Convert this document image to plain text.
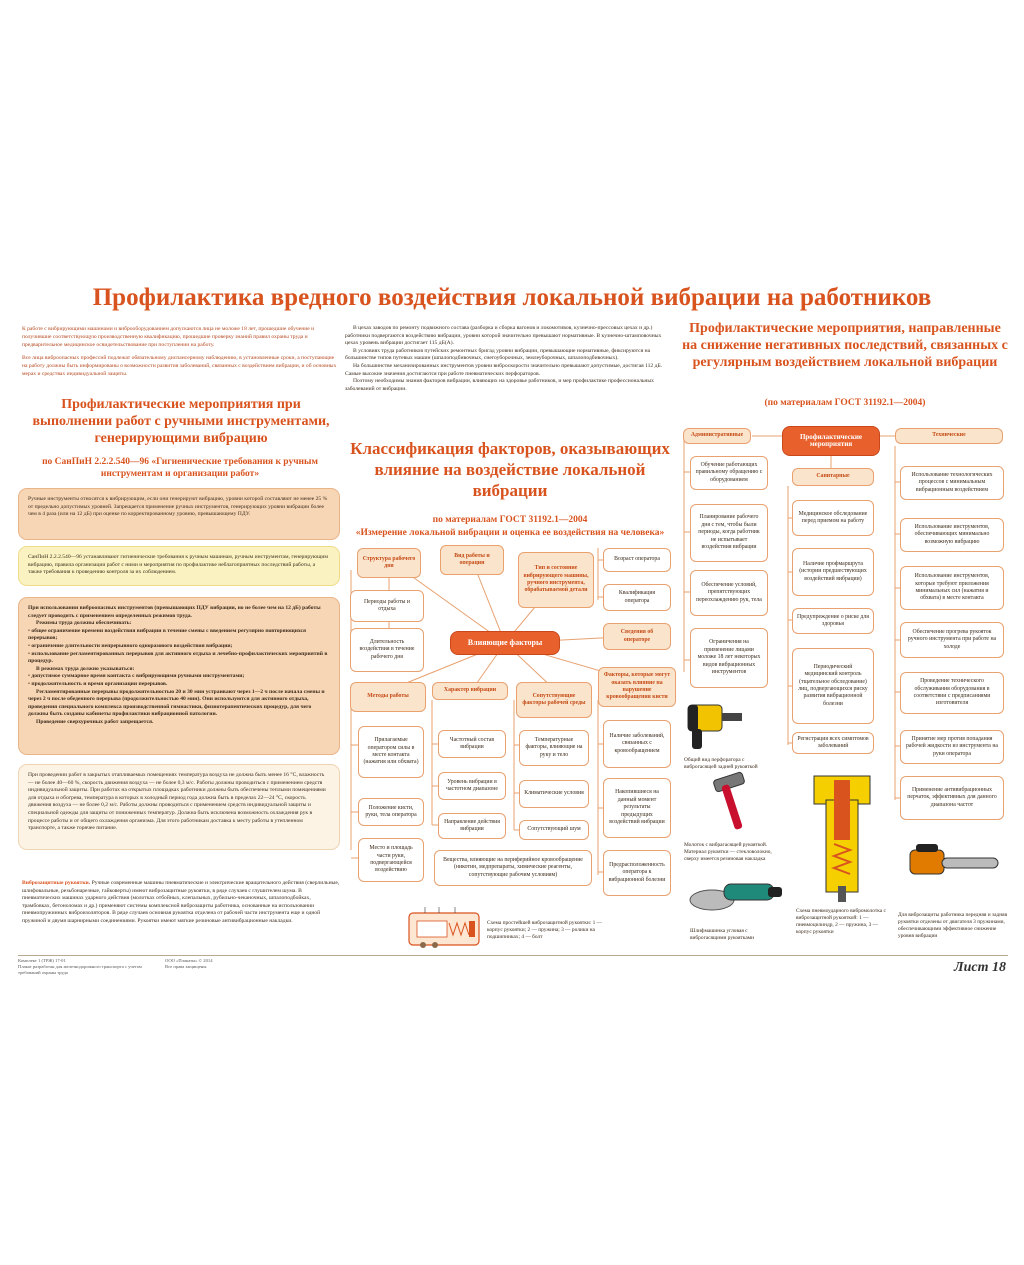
Профилактика вредного воздействия локальной вибрации на работников
К работе с вибрирующими машинами и виброоборудованием допускаются лица не моложе 18 лет, прошедшие обучение и получившие соответствующую производственную квалификацию, прошедшие проверку знаний правил охраны труда и предварительное медицинское освидетельствование при поступлении на работу.
Все лица виброопасных профессий подлежат обязательному диспансерному наблюдению, в установленные сроки, а поступающие на работу должны быть информированы о возможности развития заболеваний, связанных с воздействием вибрации, и об основных мерах и средствах индивидуальной защиты.
В цехах заводов по ремонту подвижного состава (разборка и сборка вагонов и локомотивов, кузнечно-прессовых цехах и др.) работники подвергаются воздействию вибрации, уровни которой значительно превышают нормативные. В кузнечно-штамповочных цехах уровень вибрации достигает 115 дБ(А).
В условиях труда работников путейских ремонтных бригад уровни вибрации, превышающие нормативные, фиксируются на большинстве типов путевых машин (шпалоподбивочных, снегоуборочных, землеуборочных, шпалоподбивочных).
На большинстве механизированных инструментов уровни виброскорости значительно превышают допустимые, достигая 112 дБ. Самые высокие значения достигаются при работе пневматических перфораторов.
Поэтому необходимы знания факторов вибрации, влияющих на здоровье работников, и мер профилактике профессиональных заболеваний от вибрации.
Профилактические мероприятия при выполнении работ с ручными инструментами, генерирующими вибрацию
по СанПиН 2.2.2.540—96 «Гигиенические требования к ручным инструментам и организации работ»
Ручные инструменты относятся к вибрирующим, если они генерируют вибрацию, уровни которой составляют не менее 25 % от предельно допустимых уровней. Запрещается применение ручных инструментов, генерирующих уровни вибрации более чем в 4 раза (или на 12 дБ) при оценке по корректированному уровню, превышающему ПДУ.
СанПиН 2.2.2.540—96 устанавливают гигиенические требования к ручным машинам, ручным инструментам, генерирующим вибрацию, правила организации работ с ними и мероприятия по профилактике неблагоприятных последствий работы, а также требования к проведению контроля за их соблюдением.
При использовании виброопасных инструментов (превышающих ПДУ вибрации, но не более чем на 12 дБ) работы следует проводить с применением определенных режимов труда.
Режимы труда должны обеспечивать:
• общее ограничение времени воздействия вибрации в течение смены с введением регулярно повторяющихся перерывов;
• ограничение длительности непрерывного одноразового воздействия вибрации;
• использование регламентированных перерывов для активного отдыха и лечебно-профилактических мероприятий в процедур.
В режимах труда должно указываться:
• допустимое суммарное время контакта с вибрирующими ручными инструментами;
• продолжительность и время организации перерывов.
Регламентированные перерывы продолжительностью 20 и 30 мин устраивают через 1—2 ч после начала смены и через 2 ч после обеденного перерыва (продолжительностью 40 мин). Они используются для активного отдыха, проведения специального комплекса производственной гимнастики, физиотерапевтических процедур, для чего должны быть созданы кабинеты профилактики вибрационной патологии.
Проведение сверхурочных работ запрещается.
При проведении работ в закрытых отапливаемых помещениях температура воздуха не должна быть менее 16 °С, влажность — не более 40—60 %, скорость движения воздуха — не более 0,3 м/с. Работы должны проводиться с применением средств индивидуальной защиты. При работах на открытых площадках работники должны быть обеспечены теплыми помещениями для отдыха и обогрева, температура в которых в холодный период года должна быть в пределах 22—24 °С, скорость движения воздуха — не более 0,2 м/с. Работы должны проводиться с применением средств индивидуальной защиты и специальной одежды для защиты от пониженных температур. Должна быть исключена возможность охлаждения рук в процессе работы и от общего охлаждения организма. Для этого работникам доставка к месту работы в утепленном транспорте, а также горячее питание.
Виброзащитные рукоятки. Ручные современные машины пневматические и электрические вращательного действия (сверлильные, шлифовальные, резьбонарезные, гайковерты) имеют виброзащитные рукоятки, в ряде случаев с глушителем шума. В пневматических машинах ударного действия (молотках отбойных, клепальных, рубильно-чеканочных, шпалоподбойках, трамбовках, бетоноломах и др.) применяют системы комплексной виброзащиты работника, основанные на использовании пневмопружинных виброизоляторов. В ряде случаев основная рукоятка отделена от рабочей части инструмента еще и одной пружиной и двумя шарнирными соединениями. Рукоятки имеют мягкие резиновые антивибрационные накладки.
Классификация факторов, оказывающих влияние на воздействие локальной вибрации
по материалам ГОСТ 31192.1—2004
«Измерение локальной вибрации и оценка ее воздействия на человека»
Структура рабочего дня
Вид работы и операции
Тип и состояние вибрирующего машины, ручного инструмента, обрабатываемой детали
Возраст оператора
Квалификация оператора
Сведения об операторе
Периоды работы и отдыха
Длительность воздействия в течение рабочего дня
Влияющие факторы
Методы работы
Характер вибрации
Сопутствующие факторы рабочей среды
Факторы, которые могут оказать влияние на нарушение кровообращения кисти
Прилагаемые оператором силы в месте контакта (нажатия или обхвата)
Положение кисти, руки, тела оператора
Место и площадь части руки, подвергающейся воздействию
Частотный состав вибрации
Уровень вибрации в частотном диапазоне
Направление действия вибрации
Температурные факторы, влияющие на руку и тело
Климатические условия
Сопутствующий шум
Вещества, влияющие на периферийное кровообращение (никотин, медпрепараты, химические реагенты, сопутствующие рабочим условиям)
Наличие заболеваний, связанных с кровообращением
Накопившиеся на данный момент результаты предыдущих воздействий вибрации
Предрасположенность оператора к вибрационной болезни
Схема простейшей виброзащитной рукоятки: 1 — корпус рукоятки; 2 — пружина; 3 — ролики на подшипниках; 4 — болт
Профилактические мероприятия, направленные на снижение негативных последствий, связанных с регулярным воздействием локальной вибрации
(по материалам ГОСТ 31192.1—2004)
Административные	Профилактические мероприятия
Технические
Санитарные
Обучение работающих правильному обращению с оборудованием
Планирование рабочего дня с тем, чтобы были периоды, когда работник не испытывает воздействия вибрации
Обеспечение условий, препятствующих переохлаждению рук, тела
Ограничения на применение лицами моложе 18 лет некоторых видов вибрационных инструментов
Медицинское обследование перед приемом на работу
Наличие профмаршрута (истории предшествующих воздействий вибрации)
Предупреждение о риске для здоровья
Периодический медицинский контроль (тщательное обследование) лиц, подвергающихся риску развития вибрационной болезни
Регистрация всех симптомов заболеваний
Использование технологических процессов с минимальным вибрационным воздействием
Использование инструментов, обеспечивающих минимально возможную вибрацию
Использование инструментов, которые требуют приложения минимальных сил (нажатия и обхвата) в месте контакта
Обеспечение прогрева рукояток ручного инструмента при работе на холоде
Проведение технического обслуживания оборудования в соответствии с предписаниями изготовителя
Принятие мер против попадания рабочей жидкости из инструмента на руки оператора
Применение антивибрационных перчаток, эффективных для данного диапазона частот
Общий вид перфоратора с виброгасящей задней рукояткой
Молоток с вибрагасящей рукояткой. Материал рукоятки — стекловолокно, сверху имеется резиновая накладка
Шлифмашинка угловая с виброгасящими рукоятками
Схема пневмоударного вибромолотка с виброзащитной рукояткой: 1 — пневмоцилиндр, 2 — пружина, 3 — корпус рукоятки
Для виброзащиты работника передняя и задняя рукоятки отделены от двигателя 3 пружинами, обеспечивающими эффективное снижение уровня вибрации
Комплект 1 (ТРЖ) 17-01
Плакат разработан для железнодорожного транспорта с учетом требований охраны труда
ООО «Плакаты» © 2014
Все права защищены	Лист 18
